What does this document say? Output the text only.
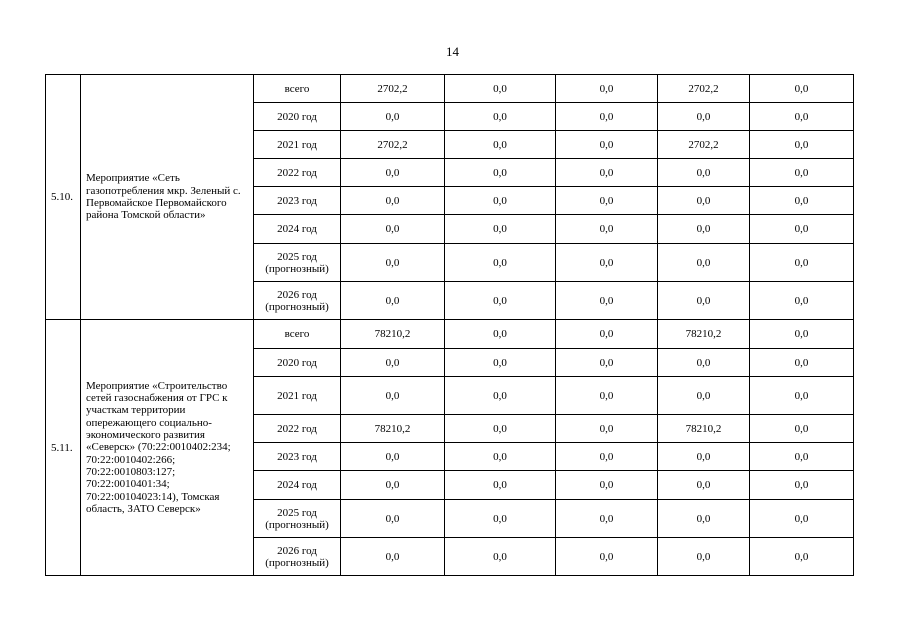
14
5.10.	Мероприятие «Сеть газопотребления мкр. Зеленый с. Первомайское Первомайского района Томской области»	всего	2702,2	0,0	0,0	2702,2	0,0
		2020 год	0,0	0,0	0,0	0,0	0,0
		2021 год	2702,2	0,0	0,0	2702,2	0,0
		2022 год	0,0	0,0	0,0	0,0	0,0
		2023 год	0,0	0,0	0,0	0,0	0,0
		2024 год	0,0	0,0	0,0	0,0	0,0
		2025 год (прогнозный)	0,0	0,0	0,0	0,0	0,0
		2026 год (прогнозный)	0,0	0,0	0,0	0,0	0,0
5.11.	Мероприятие «Строительство сетей газоснабжения от ГРС к участкам территории опережающего социально-экономического развития «Северск» (70:22:0010402:234; 70:22:0010402:266; 70:22:0010803:127; 70:22:0010401:34; 70:22:00104023:14), Томская область, ЗАТО Северск»	всего	78210,2	0,0	0,0	78210,2	0,0
		2020 год	0,0	0,0	0,0	0,0	0,0
		2021 год	0,0	0,0	0,0	0,0	0,0
		2022 год	78210,2	0,0	0,0	78210,2	0,0
		2023 год	0,0	0,0	0,0	0,0	0,0
		2024 год	0,0	0,0	0,0	0,0	0,0
		2025 год (прогнозный)	0,0	0,0	0,0	0,0	0,0
		2026 год (прогнозный)	0,0	0,0	0,0	0,0	0,0
